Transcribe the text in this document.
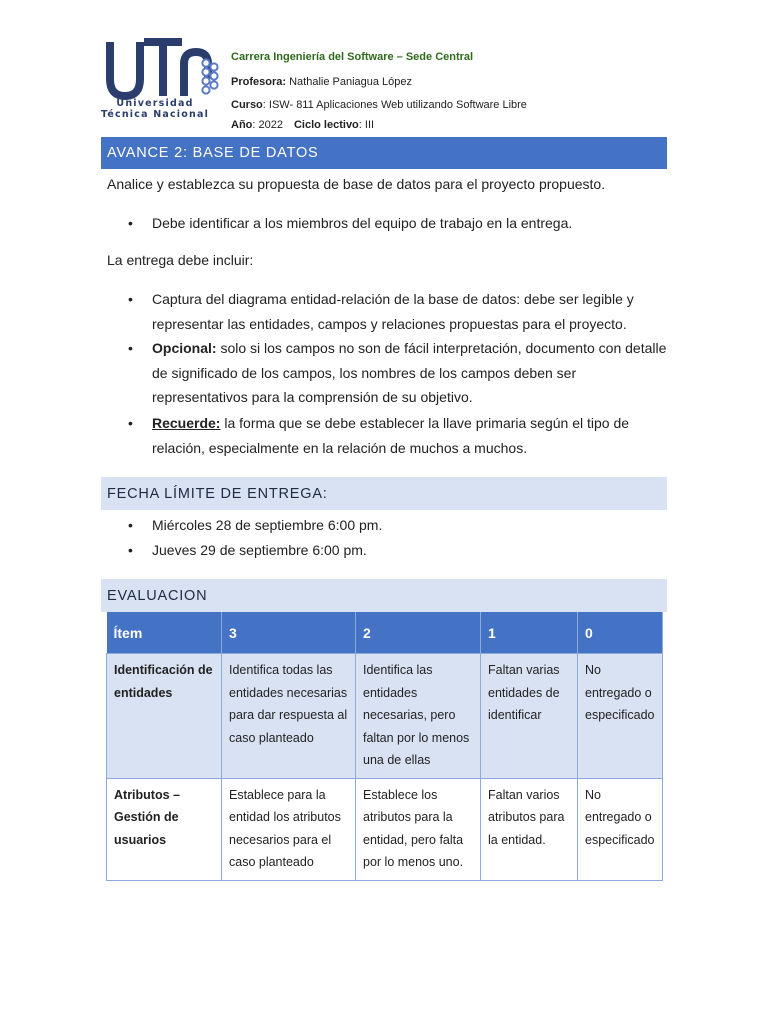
Universidad
Técnica Nacional
Carrera Ingeniería del Software – Sede Central
Profesora: Nathalie Paniagua López
Curso: ISW- 811 Aplicaciones Web utilizando Software Libre
Año: 2022 Ciclo lectivo: III
AVANCE 2: BASE DE DATOS
Analice y establezca su propuesta de base de datos para el proyecto propuesto.
• Debe identificar a los miembros del equipo de trabajo en la entrega.
La entrega debe incluir:
• Captura del diagrama entidad-relación de la base de datos: debe ser legible y representar las entidades, campos y relaciones propuestas para el proyecto.
• Opcional: solo si los campos no son de fácil interpretación, documento con detalle de significado de los campos, los nombres de los campos deben ser representativos para la comprensión de su objetivo.
• Recuerde: la forma que se debe establecer la llave primaria según el tipo de relación, especialmente en la relación de muchos a muchos.
FECHA LÍMITE DE ENTREGA:
• Miércoles 28 de septiembre 6:00 pm.
• Jueves 29 de septiembre 6:00 pm.
EVALUACION
Ítem	3	2	1	0
Identificación de entidades	Identifica todas las entidades necesarias para dar respuesta al caso planteado	Identifica las entidades necesarias, pero faltan por lo menos una de ellas	Faltan varias entidades de identificar	No entregado o especificado
Atributos – Gestión de usuarios	Establece para la entidad los atributos necesarios para el caso planteado	Establece los atributos para la entidad, pero falta por lo menos uno.	Faltan varios atributos para la entidad.	No entregado o especificado
